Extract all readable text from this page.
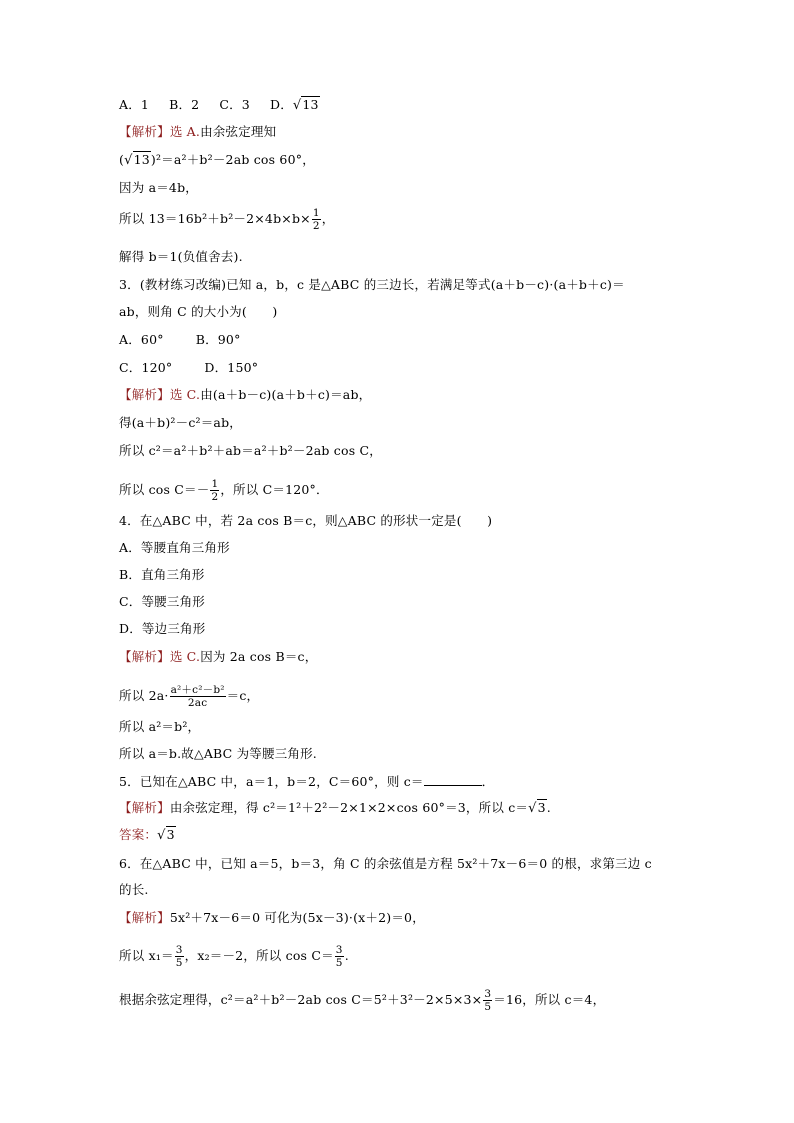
A．1 B．2 C．3 D．√13
【解析】选 A.由余弦定理知
(√13)²＝a²＋b²－2ab cos 60°，
因为 a＝4b，
所以 $13=16b^2+b^2-2\times 4b\times b\times \frac{1}{2}$ ，
解得 b＝1(负值舍去).
3．(教材练习改编)已知 a，b，c 是△ABC 的三边长，若满足等式(a＋b－c)·(a＋b＋c)＝
ab，则角 C 的大小为(　　)
A．60°	B．90°
C．120°	D．150°
【解析】选 C.由(a＋b－c)(a＋b＋c)＝ab，
得(a＋b)²－c²＝ab，
所以 c²＝a²＋b²＋ab＝a²＋b²－2ab cos C，
所以 $\cos C=- \frac{1}{2}$ ，所以 C＝120°．
4．在△ABC 中，若 2a cos B＝c，则△ABC 的形状一定是(　　)
A．等腰直角三角形
B．直角三角形
C．等腰三角形
D．等边三角形
【解析】选 C.因为 2a cos B＝c，
所以 $2a\cdot \frac{\text{a²＋c²－b²}}{2ac} =c$，
所以 a²＝b²，
所以 a＝b.故△ABC 为等腰三角形.
5．已知在△ABC 中，a＝1，b＝2，C＝60°，则 c＝	．
【解析】由余弦定理，得 c²＝1²＋2²－2×1×2×cos 60°＝3，所以 c＝√3.
答案：√3
6．在△ABC 中，已知 a＝5，b＝3，角 C 的余弦值是方程 5x²＋7x－6＝0 的根，求第三边 c
的长.
【解析】5x²＋7x－6＝0 可化为(5x－3)·(x＋2)＝0，
所以 $x_1= \frac{3}{5}$ ，x₂＝－2，所以 $\cos C= \frac{3}{5}$ .
根据余弦定理得，c²＝a²＋b²－2ab $\cos C=5^2+3^2-2\times 5\times 3\times \frac{3}{5} =16$，所以 c＝4，
